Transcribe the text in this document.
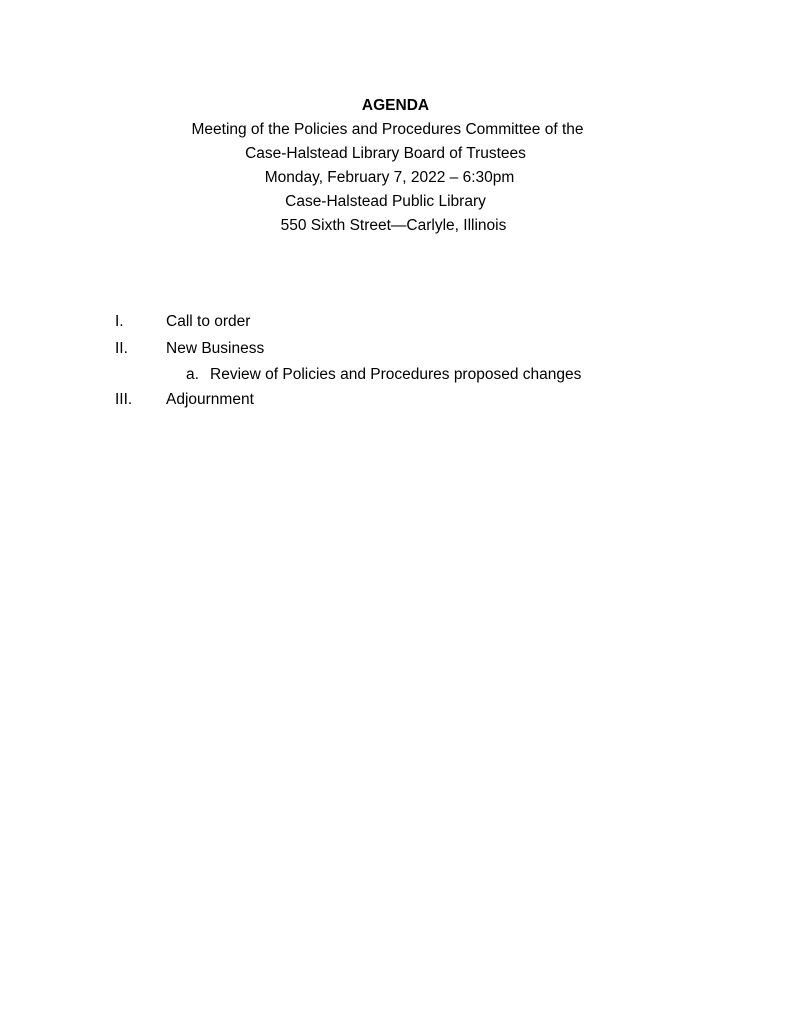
AGENDA
Meeting of the Policies and Procedures Committee of the
Case-Halstead Library Board of Trustees
Monday, February 7, 2022 – 6:30pm
Case-Halstead Public Library
550 Sixth Street—Carlyle, Illinois
I.	Call to order
II. New Business
a. Review of Policies and Procedures proposed changes
III. Adjournment
